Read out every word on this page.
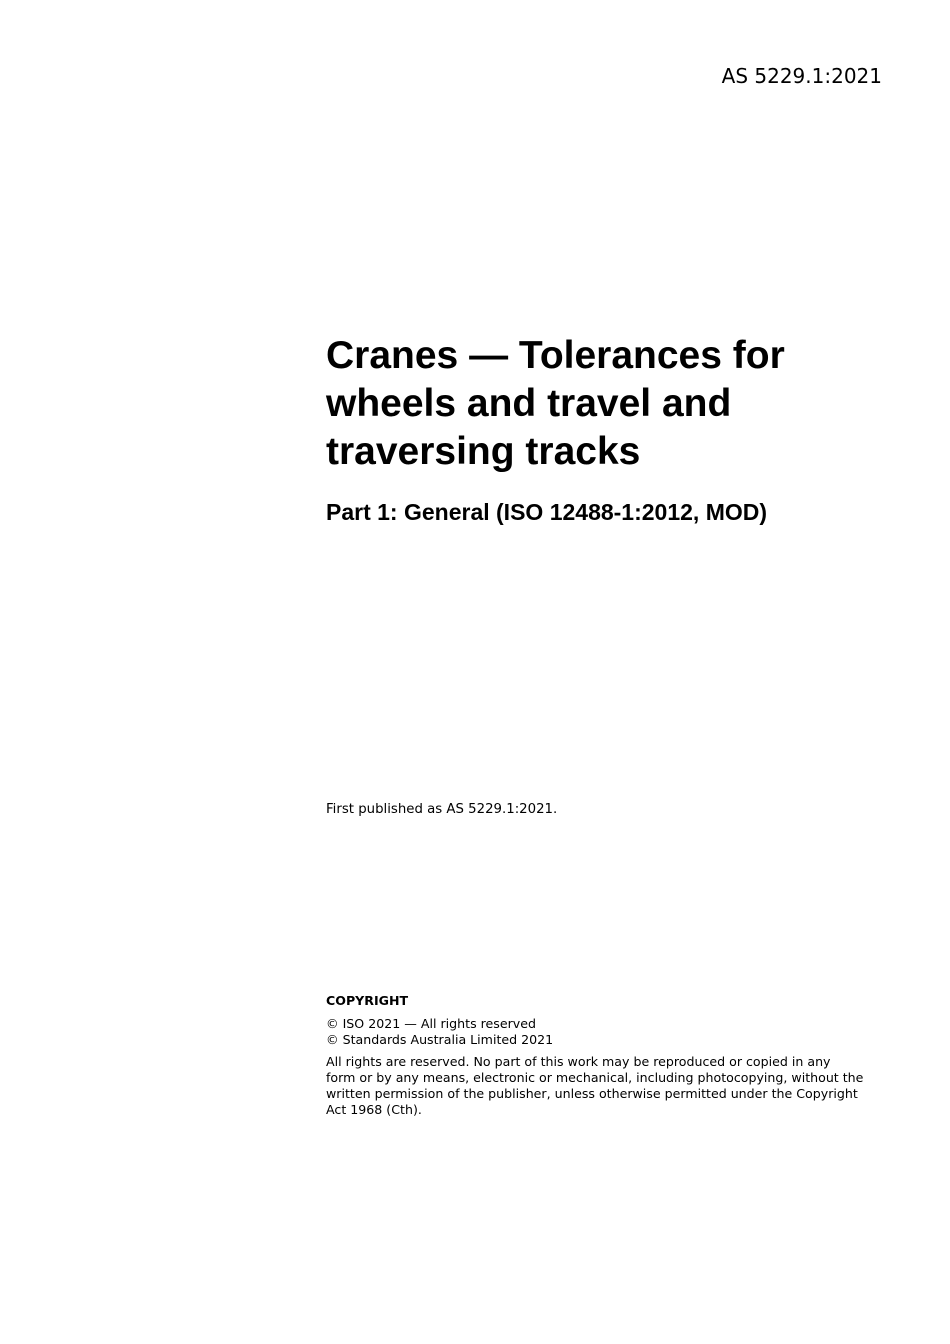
AS 5229.1:2021
Cranes — Tolerances for
wheels and travel and
traversing tracks
Part 1: General (ISO 12488-1:2012, MOD)
First published as AS 5229.1:2021.
COPYRIGHT
© ISO 2021 — All rights reserved
© Standards Australia Limited 2021
All rights are reserved. No part of this work may be reproduced or copied in any
form or by any means, electronic or mechanical, including photocopying, without the
written permission of the publisher, unless otherwise permitted under the Copyright
Act 1968 (Cth).
